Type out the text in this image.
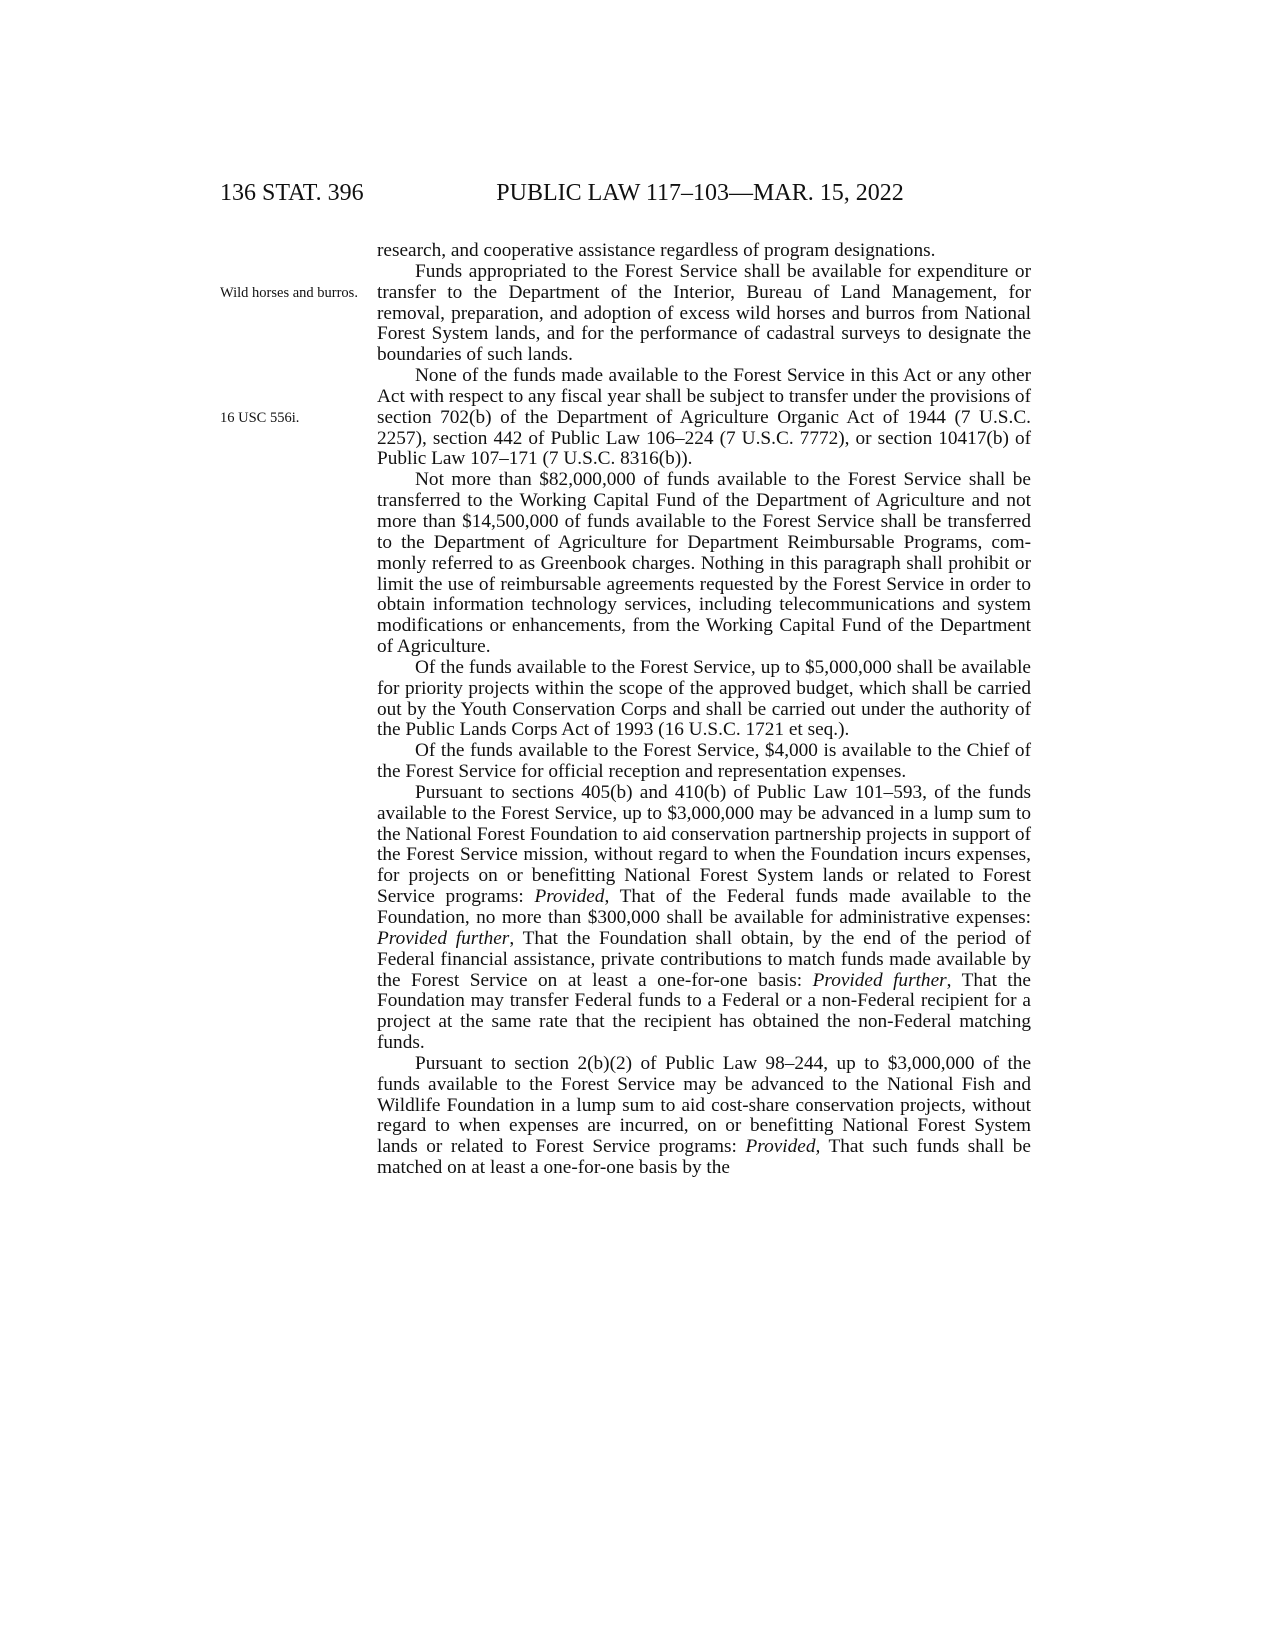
136 STAT. 396	PUBLIC LAW 117–103—MAR. 15, 2022
Wild horses and burros.
16 USC 556i.

research, and cooperative assistance regardless of program designations.

Funds appropriated to the Forest Service shall be available for expenditure or transfer to the Department of the Interior, Bureau of Land Management, for removal, preparation, and adoption of excess wild horses and burros from National Forest System lands, and for the performance of cadastral surveys to designate the boundaries of such lands.

None of the funds made available to the Forest Service in this Act or any other Act with respect to any fiscal year shall be subject to transfer under the provisions of section 702(b) of the Department of Agriculture Organic Act of 1944 (7 U.S.C. 2257), section 442 of Public Law 106–224 (7 U.S.C. 7772), or section 10417(b) of Public Law 107–171 (7 U.S.C. 8316(b)).

Not more than $82,000,000 of funds available to the Forest Service shall be transferred to the Working Capital Fund of the Department of Agriculture and not more than $14,500,000 of funds available to the Forest Service shall be transferred to the Department of Agriculture for Department Reimbursable Programs, commonly referred to as Greenbook charges. Nothing in this paragraph shall prohibit or limit the use of reimbursable agreements requested by the Forest Service in order to obtain information technology services, including telecommunications and system modifications or enhancements, from the Working Capital Fund of the Department of Agriculture.

Of the funds available to the Forest Service, up to $5,000,000 shall be available for priority projects within the scope of the approved budget, which shall be carried out by the Youth Conservation Corps and shall be carried out under the authority of the Public Lands Corps Act of 1993 (16 U.S.C. 1721 et seq.).

Of the funds available to the Forest Service, $4,000 is available to the Chief of the Forest Service for official reception and representation expenses.

Pursuant to sections 405(b) and 410(b) of Public Law 101–593, of the funds available to the Forest Service, up to $3,000,000 may be advanced in a lump sum to the National Forest Foundation to aid conservation partnership projects in support of the Forest Service mission, without regard to when the Foundation incurs expenses, for projects on or benefitting National Forest System lands or related to Forest Service programs: Provided, That of the Federal funds made available to the Foundation, no more than $300,000 shall be available for administrative expenses: Provided further, That the Foundation shall obtain, by the end of the period of Federal financial assistance, private contributions to match funds made available by the Forest Service on at least a one-for-one basis: Provided further, That the Foundation may transfer Federal funds to a Federal or a non-Federal recipient for a project at the same rate that the recipient has obtained the non-Federal matching funds.

Pursuant to section 2(b)(2) of Public Law 98–244, up to $3,000,000 of the funds available to the Forest Service may be advanced to the National Fish and Wildlife Foundation in a lump sum to aid cost-share conservation projects, without regard to when expenses are incurred, on or benefitting National Forest System lands or related to Forest Service programs: Provided, That such funds shall be matched on at least a one-for-one basis by the
